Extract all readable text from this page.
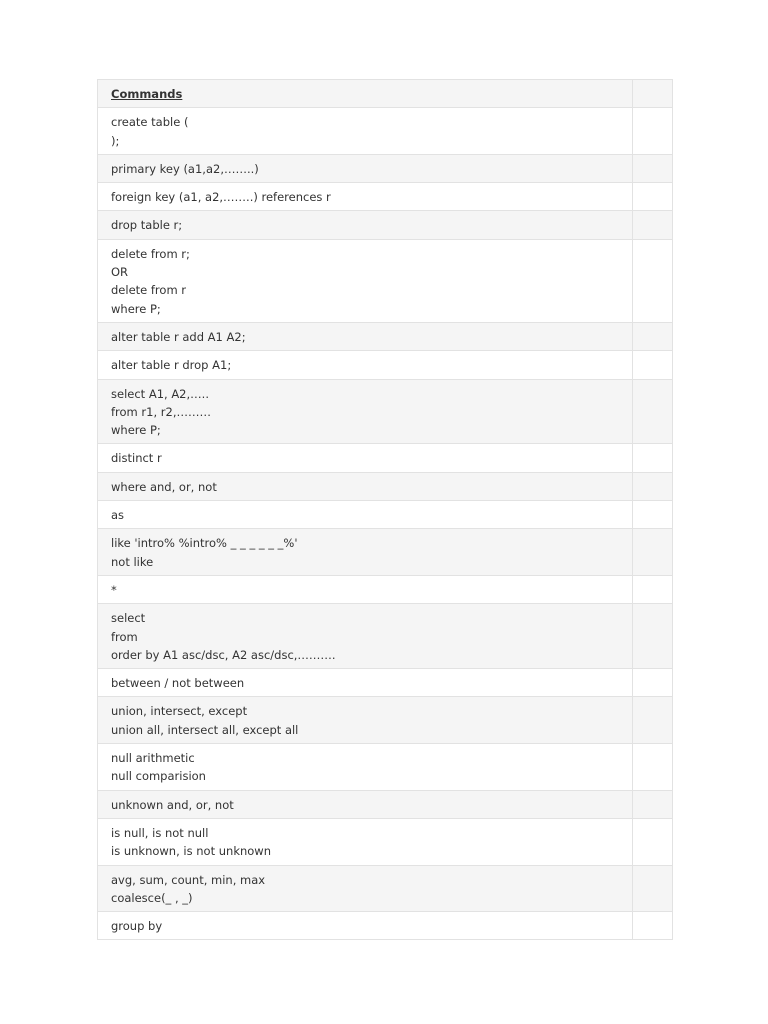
Commands	

create table (
);	

primary key (a1,a2,……..)	

foreign key (a1, a2,……..) references r	

drop table r;	

delete from r;
OR
delete from r
where P;	

alter table r add A1 A2;	

alter table r drop A1;	

select A1, A2,…..
from r1, r2,………
where P;	

distinct r	

where and, or, not	

as	

like 'intro% %intro% _ _ _ _ _ _%'
not like	

*	

select
from
order by A1 asc/dsc, A2 asc/dsc,……….	

between / not between	

union, intersect, except
union all, intersect all, except all	

null arithmetic
null comparision	

unknown and, or, not	

is null, is not null
is unknown, is not unknown	

avg, sum, count, min, max
coalesce(_ , _)	

group by	
